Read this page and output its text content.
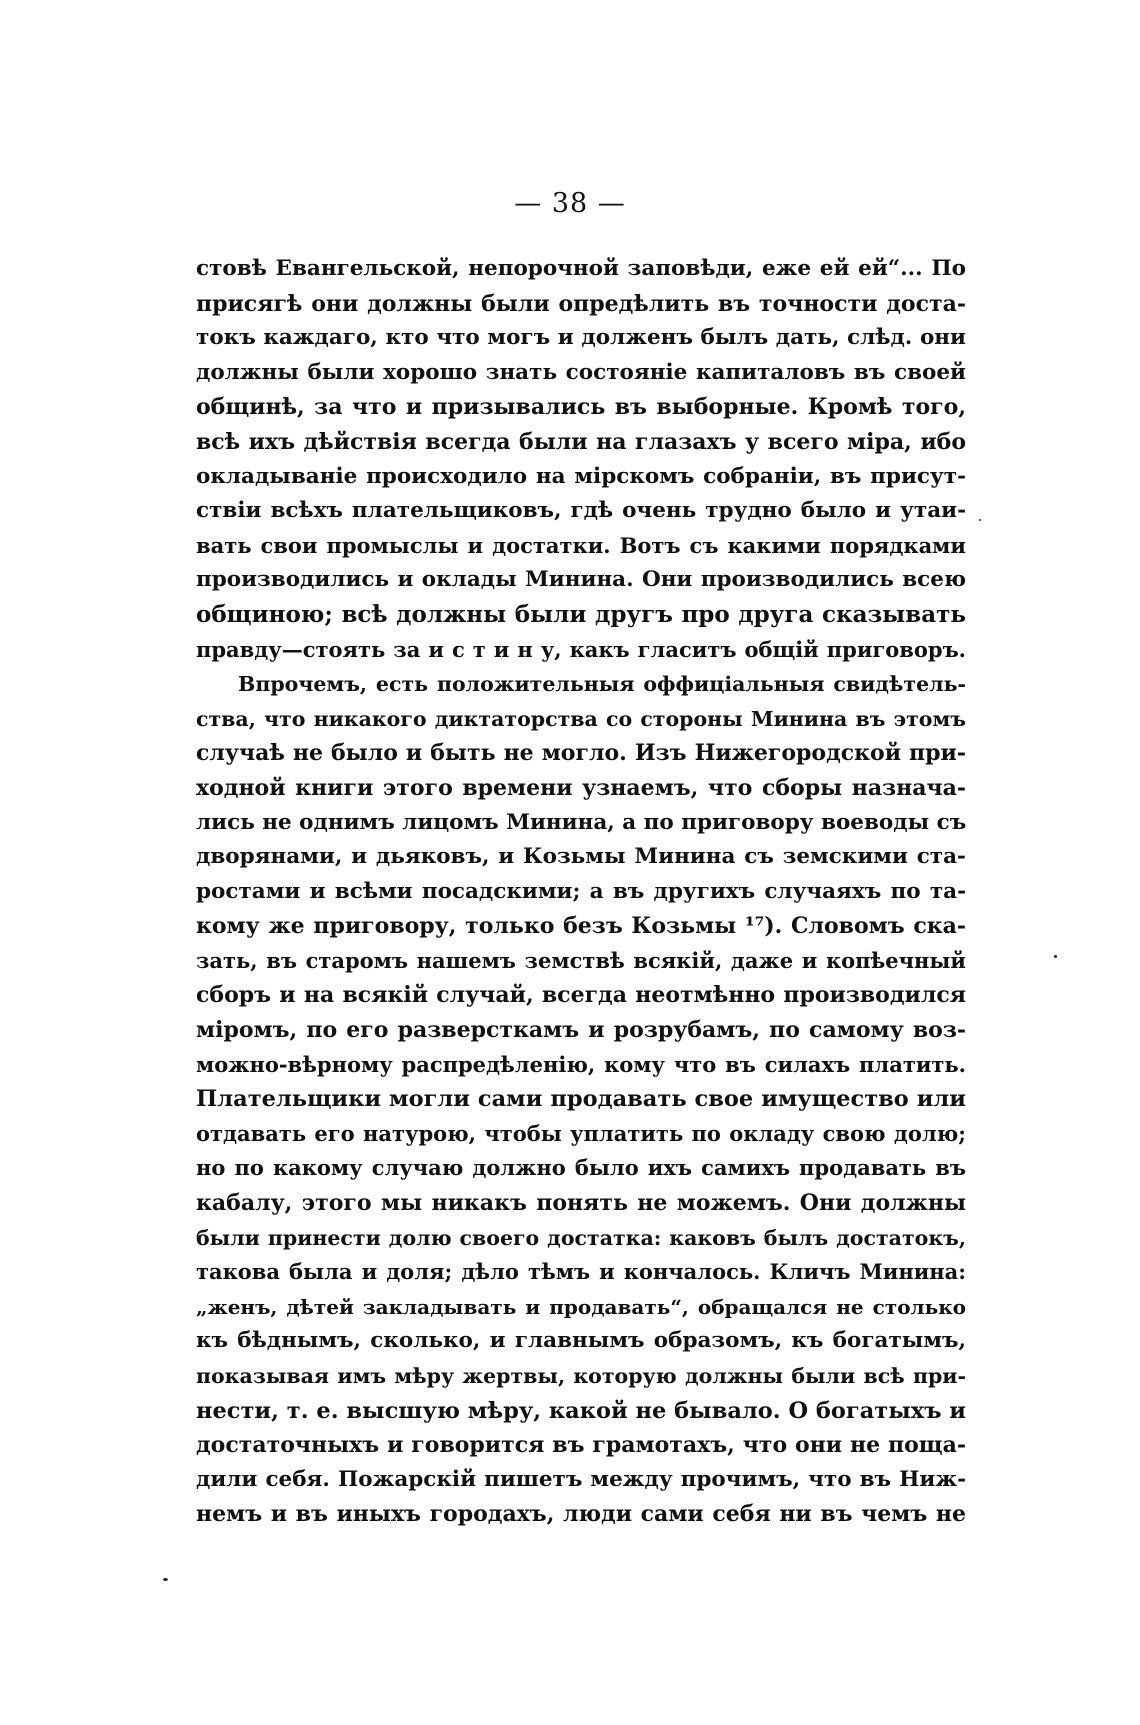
— 38 —
стовѣ Евангельской, непорочной заповѣди, еже ей ей“... По
присягѣ они должны были опредѣлить въ точности доста-
токъ каждаго, кто что могъ и долженъ былъ дать, слѣд. они
должны были хорошо знать состояніе капиталовъ въ своей
общинѣ, за что и призывались въ выборные. Кромѣ того,
всѣ ихъ дѣйствія всегда были на глазахъ у всего міра, ибо
окладываніе происходило на мірскомъ собраніи, въ присут-
ствіи всѣхъ плательщиковъ, гдѣ очень трудно было и утаи-
вать свои промыслы и достатки. Вотъ съ какими порядками
производились и оклады Минина. Они производились всею
общиною; всѣ должны были другъ про друга сказывать
правду—стоять за и с т и н у, какъ гласитъ общій приговоръ.
Впрочемъ, есть положительныя оффиціальныя свидѣтель-
ства, что никакого диктаторства со стороны Минина въ этомъ
случаѣ не было и быть не могло. Изъ Нижегородской при-
ходной книги этого времени узнаемъ, что сборы назнача-
лись не однимъ лицомъ Минина, а по приговору воеводы съ
дворянами, и дьяковъ, и Козьмы Минина съ земскими ста-
ростами и всѣми посадскими; а въ другихъ случаяхъ по та-
кому же приговору, только безъ Козьмы ¹⁷). Словомъ ска-
зать, въ старомъ нашемъ земствѣ всякій, даже и копѣечный
сборъ и на всякій случай, всегда неотмѣнно производился
міромъ, по его разверсткамъ и розрубамъ, по самому воз-
можно-вѣрному распредѣленію, кому что въ силахъ платить.
Плательщики могли сами продавать свое имущество или
отдавать его натурою, чтобы уплатить по окладу свою долю;
но по какому случаю должно было ихъ самихъ продавать въ
кабалу, этого мы никакъ понять не можемъ. Они должны
были принести долю своего достатка: каковъ былъ достатокъ,
такова была и доля; дѣло тѣмъ и кончалось. Кличъ Минина:
„женъ, дѣтей закладывать и продавать“, обращался не столько
къ бѣднымъ, сколько, и главнымъ образомъ, къ богатымъ,
показывая имъ мѣру жертвы, которую должны были всѣ при-
нести, т. е. высшую мѣру, какой не бывало. О богатыхъ и
достаточныхъ и говорится въ грамотахъ, что они не поща-
дили себя. Пожарскій пишетъ между прочимъ, что въ Ниж-
немъ и въ иныхъ городахъ, люди сами себя ни въ чемъ не
